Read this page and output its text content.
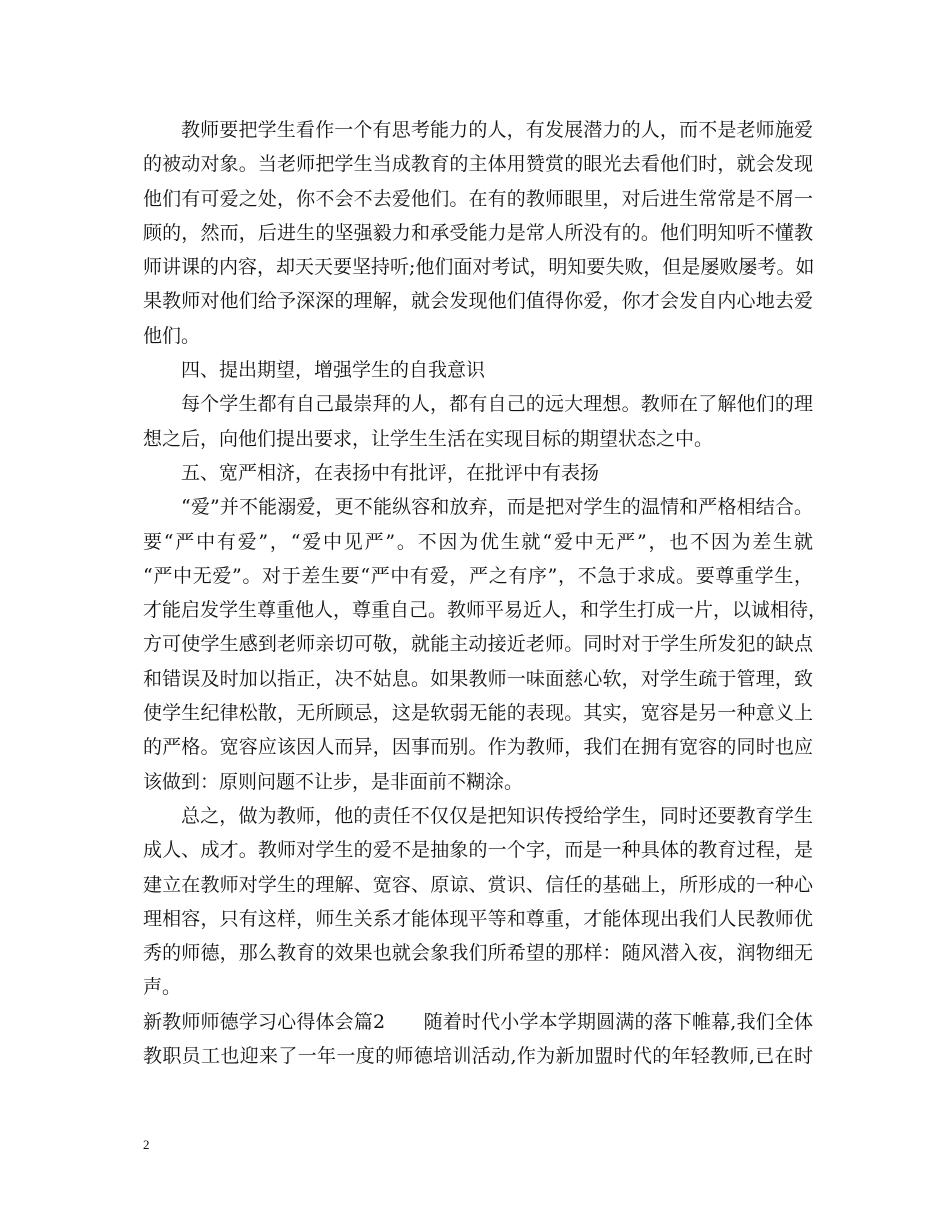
教师要把学生看作一个有思考能力的人，有发展潜力的人，而不是老师施爱
的被动对象。当老师把学生当成教育的主体用赞赏的眼光去看他们时，就会发现
他们有可爱之处，你不会不去爱他们。在有的教师眼里，对后进生常常是不屑一
顾的，然而，后进生的坚强毅力和承受能力是常人所没有的。他们明知听不懂教
师讲课的内容，却天天要坚持听;他们面对考试，明知要失败，但是屡败屡考。如
果教师对他们给予深深的理解，就会发现他们值得你爱，你才会发自内心地去爱
他们。
四、提出期望，增强学生的自我意识
每个学生都有自己最崇拜的人，都有自己的远大理想。教师在了解他们的理
想之后，向他们提出要求，让学生生活在实现目标的期望状态之中。
五、宽严相济，在表扬中有批评，在批评中有表扬
“爱”并不能溺爱，更不能纵容和放弃，而是把对学生的温情和严格相结合。
要“严中有爱”，“爱中见严”。不因为优生就“爱中无严”，也不因为差生就
“严中无爱”。对于差生要“严中有爱，严之有序”，不急于求成。要尊重学生，
才能启发学生尊重他人，尊重自己。教师平易近人，和学生打成一片，以诚相待，
方可使学生感到老师亲切可敬，就能主动接近老师。同时对于学生所发犯的缺点
和错误及时加以指正，决不姑息。如果教师一味面慈心软，对学生疏于管理，致
使学生纪律松散，无所顾忌，这是软弱无能的表现。其实，宽容是另一种意义上
的严格。宽容应该因人而异，因事而别。作为教师，我们在拥有宽容的同时也应
该做到：原则问题不让步，是非面前不糊涂。
总之，做为教师，他的责任不仅仅是把知识传授给学生，同时还要教育学生
成人、成才。教师对学生的爱不是抽象的一个字，而是一种具体的教育过程，是
建立在教师对学生的理解、宽容、原谅、赏识、信任的基础上，所形成的一种心
理相容，只有这样，师生关系才能体现平等和尊重，才能体现出我们人民教师优
秀的师德，那么教育的效果也就会象我们所希望的那样：随风潜入夜，润物细无
声。
新教师师德学习心得体会篇2　　随着时代小学本学期圆满的落下帷幕,我们全体
教职员工也迎来了一年一度的师德培训活动,作为新加盟时代的年轻教师,已在时
2
